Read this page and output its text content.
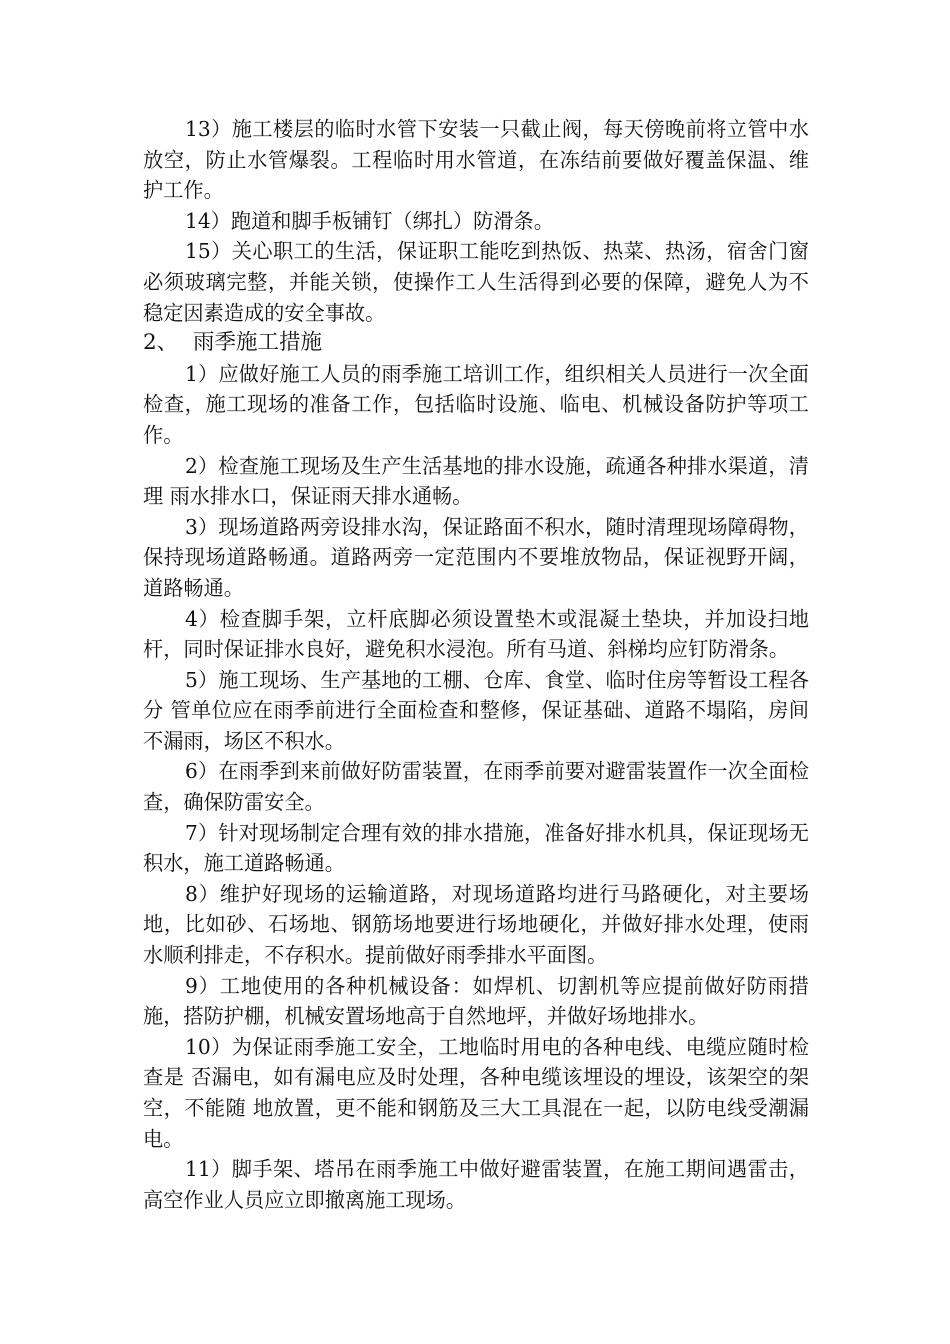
13）施工楼层的临时水管下安装一只截止阀，每天傍晚前将立管中水放空，防止水管爆裂。工程临时用水管道，在冻结前要做好覆盖保温、维护工作。

14）跑道和脚手板铺钉（绑扎）防滑条。

15）关心职工的生活，保证职工能吃到热饭、热菜、热汤，宿舍门窗必须玻璃完整，并能关锁，使操作工人生活得到必要的保障，避免人为不稳定因素造成的安全事故。

2、 雨季施工措施

1）应做好施工人员的雨季施工培训工作，组织相关人员进行一次全面检查，施工现场的准备工作，包括临时设施、临电、机械设备防护等项工作。

2）检查施工现场及生产生活基地的排水设施，疏通各种排水渠道，清理 雨水排水口，保证雨天排水通畅。

3）现场道路两旁设排水沟，保证路面不积水，随时清理现场障碍物，保持现场道路畅通。道路两旁一定范围内不要堆放物品，保证视野开阔，道路畅通。

4）检查脚手架，立杆底脚必须设置垫木或混凝土垫块，并加设扫地杆，同时保证排水良好，避免积水浸泡。所有马道、斜梯均应钉防滑条。

5）施工现场、生产基地的工棚、仓库、食堂、临时住房等暂设工程各分 管单位应在雨季前进行全面检查和整修，保证基础、道路不塌陷，房间不漏雨，场区不积水。

6）在雨季到来前做好防雷装置，在雨季前要对避雷装置作一次全面检查，确保防雷安全。

7）针对现场制定合理有效的排水措施，准备好排水机具，保证现场无积水，施工道路畅通。

8）维护好现场的运输道路，对现场道路均进行马路硬化，对主要场地，比如砂、石场地、钢筋场地要进行场地硬化，并做好排水处理，使雨水顺利排走，不存积水。提前做好雨季排水平面图。

9）工地使用的各种机械设备：如焊机、切割机等应提前做好防雨措施，搭防护棚，机械安置场地高于自然地坪，并做好场地排水。

10）为保证雨季施工安全，工地临时用电的各种电线、电缆应随时检查是 否漏电，如有漏电应及时处理，各种电缆该埋设的埋设，该架空的架空，不能随 地放置，更不能和钢筋及三大工具混在一起，以防电线受潮漏电。

11）脚手架、塔吊在雨季施工中做好避雷装置，在施工期间遇雷击，高空作业人员应立即撤离施工现场。
